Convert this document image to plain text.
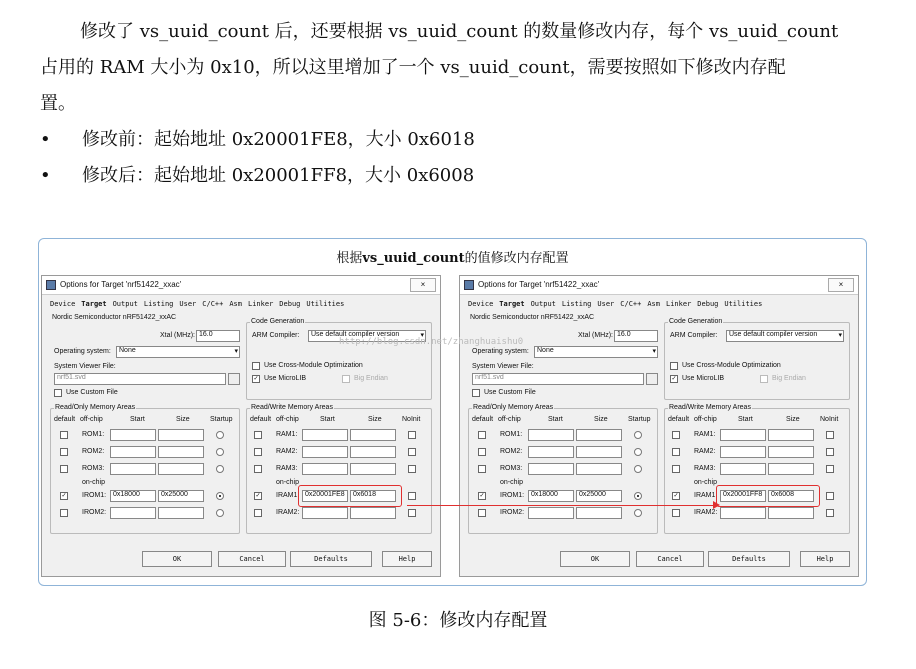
修改了 vs_uuid_count 后，还要根据 vs_uuid_count 的数量修改内存，每个 vs_uuid_count
占用的 RAM 大小为 0x10，所以这里增加了一个 vs_uuid_count，需要按照如下修改内存配
置。
• 修改前：起始地址 0x20001FE8，大小 0x6018
• 修改后：起始地址 0x20001FF8，大小 0x6008
根据vs_uuid_count的值修改内存配置
Options for Target 'nrf51422_xxac'	×
Device Target Output Listing User C/C++ Asm Linker Debug Utilities
Nordic Semiconductor nRF51422_xxAC
Xtal (MHz): 16.0
Operating system:	None	▾
System Viewer File:
nrf51.svd
Use Custom File
Code Generation
ARM Compiler:	Use default compiler version	▾
Use Cross-Module Optimization
✓ Use MicroLIB	Big Endian
Read/Only Memory Areas
default off-chip	Start	Size	Startup
ROM1:
ROM2:
ROM3:
on-chip
✓ IROM1: 0x18000	0x25000
IROM2:
Read/Write Memory Areas
default off-chip	Start	Size	NoInit
RAM1:
RAM2:
RAM3:
on-chip
✓ IRAM1: 0x20001FE8	0x6018
IRAM2:
OK	Cancel	Defaults	Help
Options for Target 'nrf51422_xxac'	×
Device Target Output Listing User C/C++ Asm Linker Debug Utilities
Nordic Semiconductor nRF51422_xxAC
Xtal (MHz): 16.0
Operating system:	None	▾
System Viewer File:
nrf51.svd
Use Custom File
Code Generation
ARM Compiler:	Use default compiler version	▾
Use Cross-Module Optimization
✓ Use MicroLIB	Big Endian
Read/Only Memory Areas
default off-chip	Start	Size	Startup
ROM1:
ROM2:
ROM3:
on-chip
✓ IROM1: 0x18000	0x25000
IROM2:
Read/Write Memory Areas
default off-chip	Start	Size	NoInit
RAM1:
RAM2:
RAM3:
on-chip
✓ IRAM1: 0x20001FF8	0x6008
IRAM2:
OK	Cancel	Defaults	Help
http://blog.csdn.net/zhanghuaishu0
图 5-6：修改内存配置
